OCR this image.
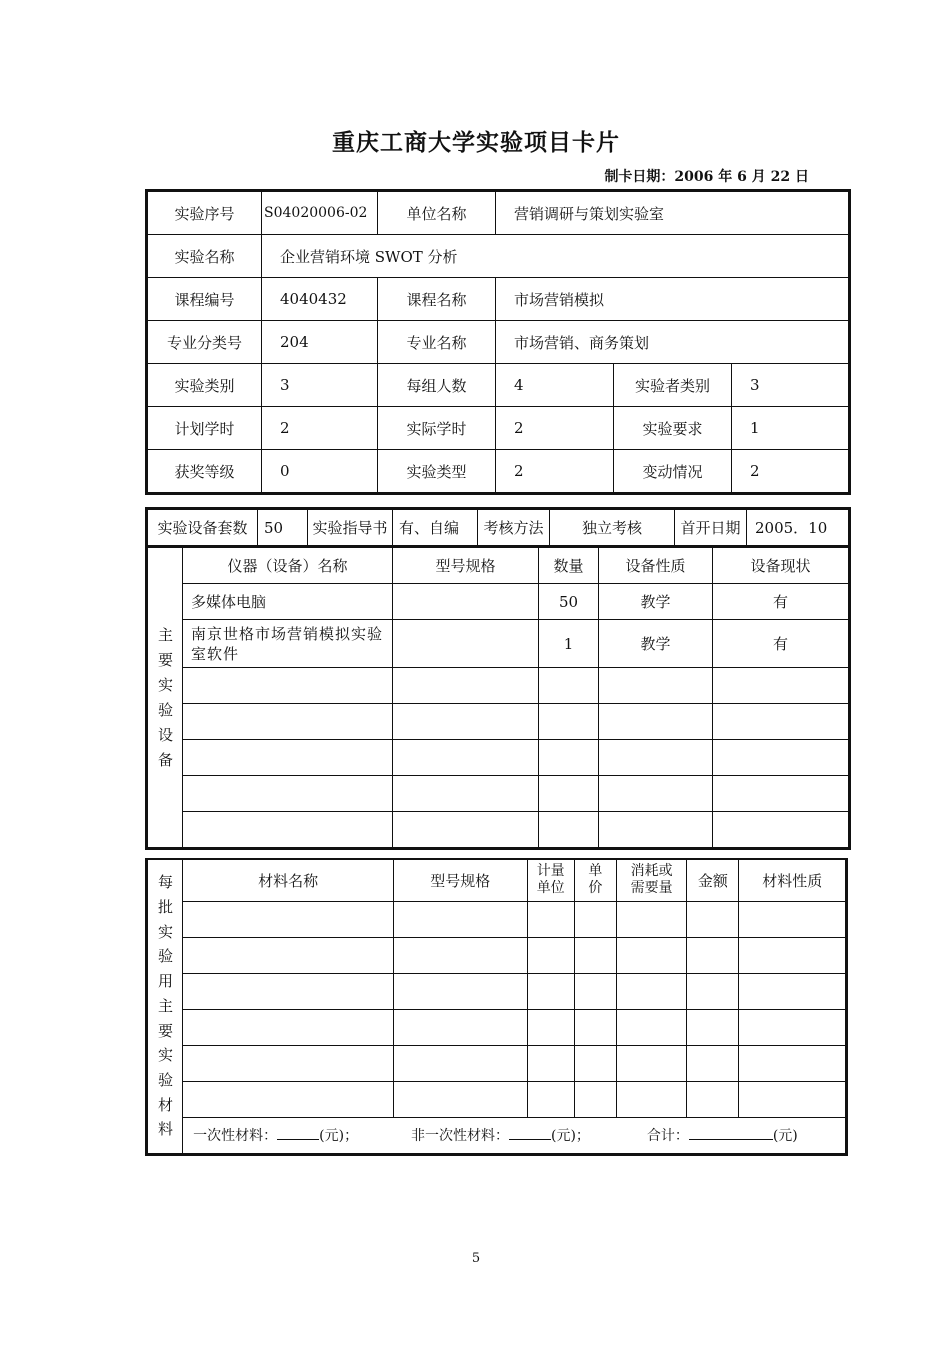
重庆工商大学实验项目卡片
制卡日期：2006 年 6 月 22 日
实验序号	S04020006-02	单位名称	营销调研与策划实验室		
实验名称	企业营销环境 SWOT 分析				
课程编号	4040432	课程名称	市场营销模拟		
专业分类号	204	专业名称	市场营销、商务策划		
实验类别	3	每组人数	4	实验者类别	3
计划学时	2	实际学时	2	实验要求	1
获奖等级	0	实验类型	2	变动情况	2
实验设备套数	50	实验指导书	有、自编	考核方法	独立考核	首开日期	2005．10
主要实验设备	仪器（设备）名称	型号规格	数量	设备性质	设备现状
	多媒体电脑		50	教学	有
	南京世格市场营销模拟实验室软件		1	教学	有

每批实验用主要实验材料	材料名称	型号规格	计量单位	单价	消耗或需要量	金额	材料性质

	一次性材料： (元)； 非一次性材料： (元)； 合计： (元)						
5
